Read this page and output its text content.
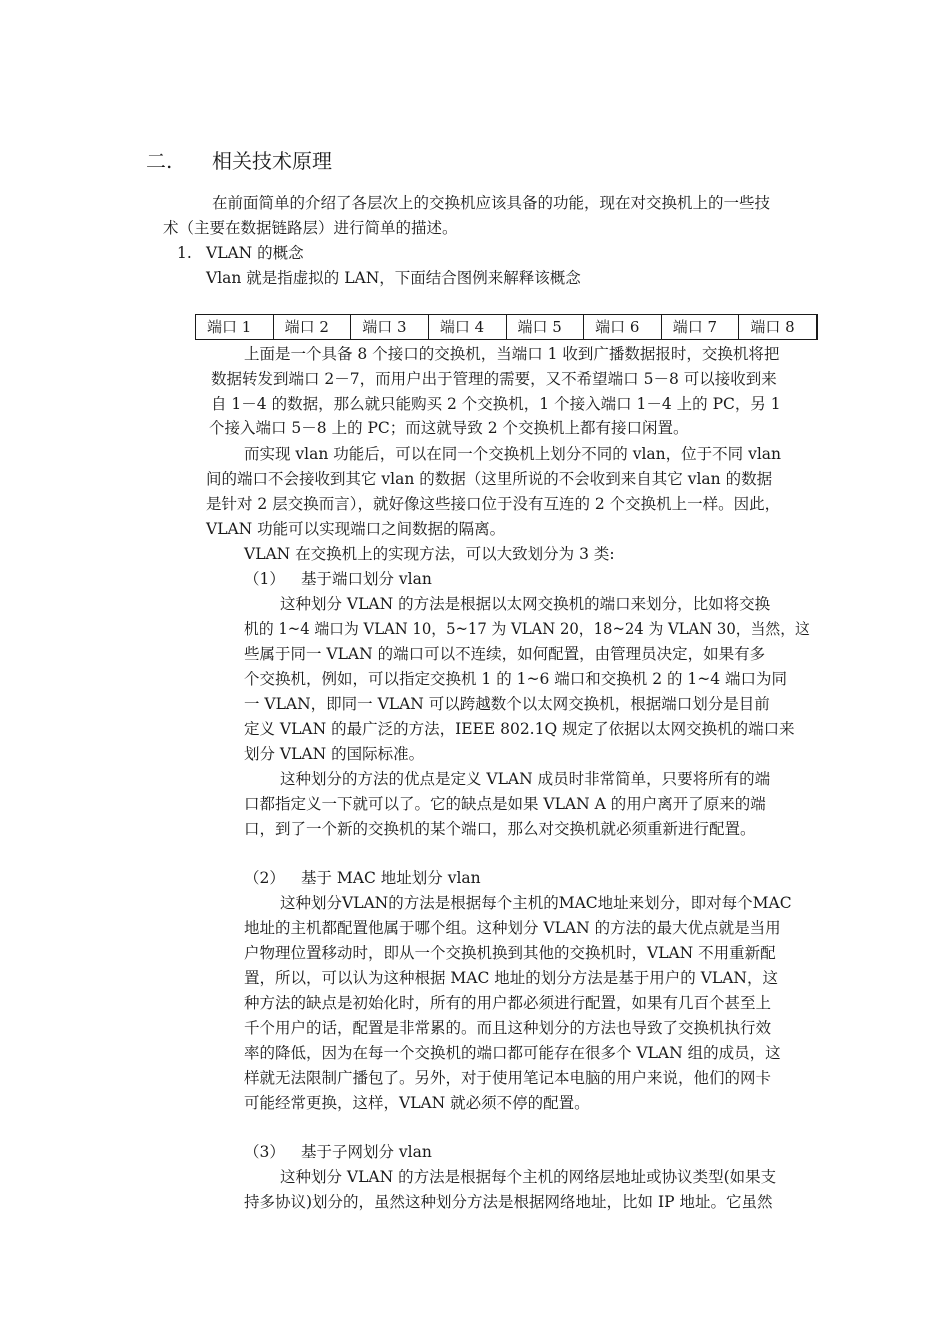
二. 相关技术原理
在前面简单的介绍了各层次上的交换机应该具备的功能，现在对交换机上的一些技
术（主要在数据链路层）进行简单的描述。
1. VLAN 的概念
Vlan 就是指虚拟的 LAN，下面结合图例来解释该概念
端口 1	端口 2	端口 3	端口 4	端口 5	端口 6	端口 7	端口 8
上面是一个具备 8 个接口的交换机，当端口 1 收到广播数据报时，交换机将把
数据转发到端口 2－7，而用户出于管理的需要，又不希望端口 5－8 可以接收到来
自 1－4 的数据，那么就只能购买 2 个交换机，1 个接入端口 1－4 上的 PC，另 1
个接入端口 5－8 上的 PC；而这就导致 2 个交换机上都有接口闲置。
而实现 vlan 功能后，可以在同一个交换机上划分不同的 vlan，位于不同 vlan
间的端口不会接收到其它 vlan 的数据（这里所说的不会收到来自其它 vlan 的数据
是针对 2 层交换而言），就好像这些接口位于没有互连的 2 个交换机上一样。因此，
VLAN 功能可以实现端口之间数据的隔离。
VLAN 在交换机上的实现方法，可以大致划分为 3 类:
（1） 基于端口划分 vlan
这种划分 VLAN 的方法是根据以太网交换机的端口来划分，比如将交换
机的 1~4 端口为 VLAN 10，5~17 为 VLAN 20，18~24 为 VLAN 30，当然，这
些属于同一 VLAN 的端口可以不连续，如何配置，由管理员决定，如果有多
个交换机，例如，可以指定交换机 1 的 1~6 端口和交换机 2 的 1~4 端口为同
一 VLAN，即同一 VLAN 可以跨越数个以太网交换机，根据端口划分是目前
定义 VLAN 的最广泛的方法，IEEE 802.1Q 规定了依据以太网交换机的端口来
划分 VLAN 的国际标准。
这种划分的方法的优点是定义 VLAN 成员时非常简单，只要将所有的端
口都指定义一下就可以了。它的缺点是如果 VLAN A 的用户离开了原来的端
口，到了一个新的交换机的某个端口，那么对交换机就必须重新进行配置。
（2） 基于 MAC 地址划分 vlan
这种划分VLAN的方法是根据每个主机的MAC地址来划分，即对每个MAC
地址的主机都配置他属于哪个组。这种划分 VLAN 的方法的最大优点就是当用
户物理位置移动时，即从一个交换机换到其他的交换机时，VLAN 不用重新配
置，所以，可以认为这种根据 MAC 地址的划分方法是基于用户的 VLAN，这
种方法的缺点是初始化时，所有的用户都必须进行配置，如果有几百个甚至上
千个用户的话，配置是非常累的。而且这种划分的方法也导致了交换机执行效
率的降低，因为在每一个交换机的端口都可能存在很多个 VLAN 组的成员，这
样就无法限制广播包了。另外，对于使用笔记本电脑的用户来说，他们的网卡
可能经常更换，这样，VLAN 就必须不停的配置。
（3） 基于子网划分 vlan
这种划分 VLAN 的方法是根据每个主机的网络层地址或协议类型(如果支
持多协议)划分的，虽然这种划分方法是根据网络地址，比如 IP 地址。它虽然
